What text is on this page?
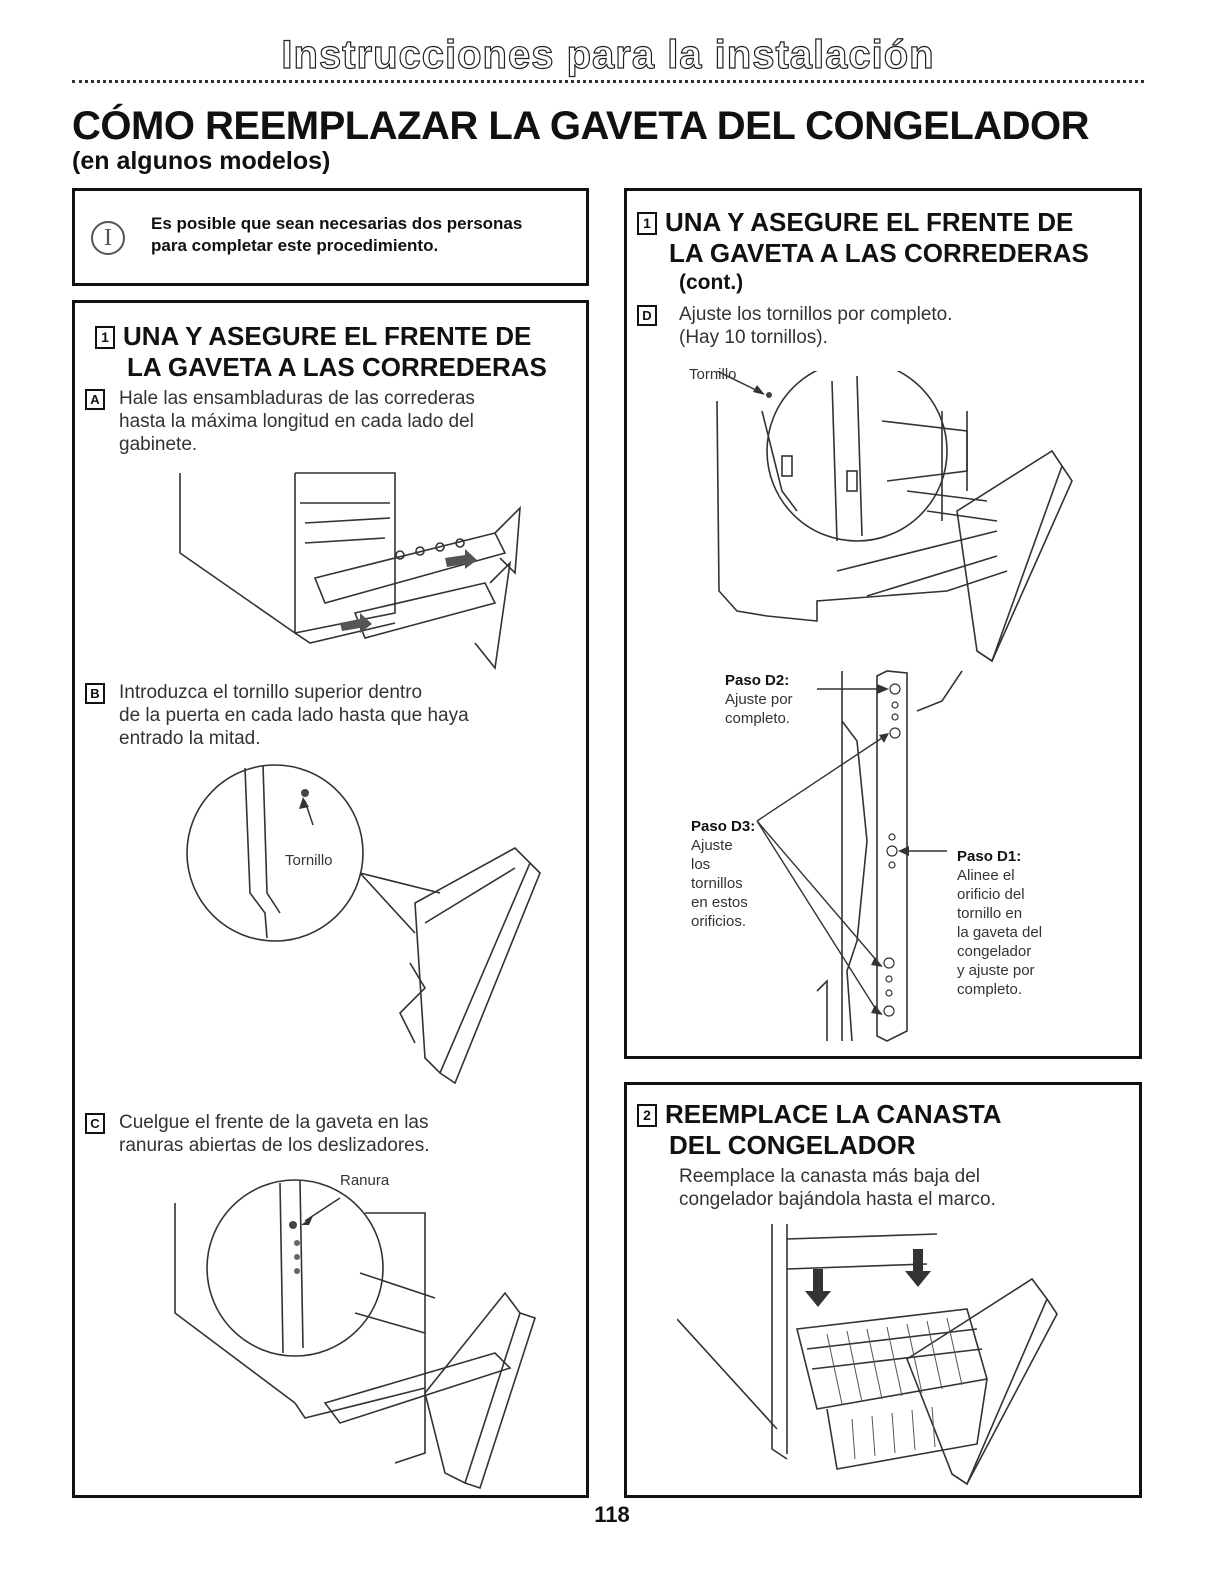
Instrucciones para la instalación
CÓMO REEMPLAZAR LA GAVETA DEL CONGELADOR
(en algunos modelos)
I
Es posible que sean necesarias dos personas
para completar este procedimiento.
1 UNA Y ASEGURE EL FRENTE DE
LA GAVETA A LAS CORREDERAS
A Hale las ensambladuras de las correderas
hasta la máxima longitud en cada lado del
gabinete.
B Introduzca el tornillo superior dentro
de la puerta en cada lado hasta que haya
entrado la mitad.
Tornillo
C Cuelgue el frente de la gaveta en las
ranuras abiertas de los deslizadores.
Ranura
1 UNA Y ASEGURE EL FRENTE DE
LA GAVETA A LAS CORREDERAS
(cont.)
D Ajuste los tornillos por completo.
(Hay 10 tornillos).
Tornillo
Paso D2:
Ajuste por
completo.
Paso D3:
Ajuste
los
tornillos
en estos
orificios.
Paso D1:
Alinee el
orificio del
tornillo en
la gaveta del
congelador
y ajuste por
completo.
2 REEMPLACE LA CANASTA
DEL CONGELADOR
Reemplace la canasta más baja del
congelador bajándola hasta el marco.
118
